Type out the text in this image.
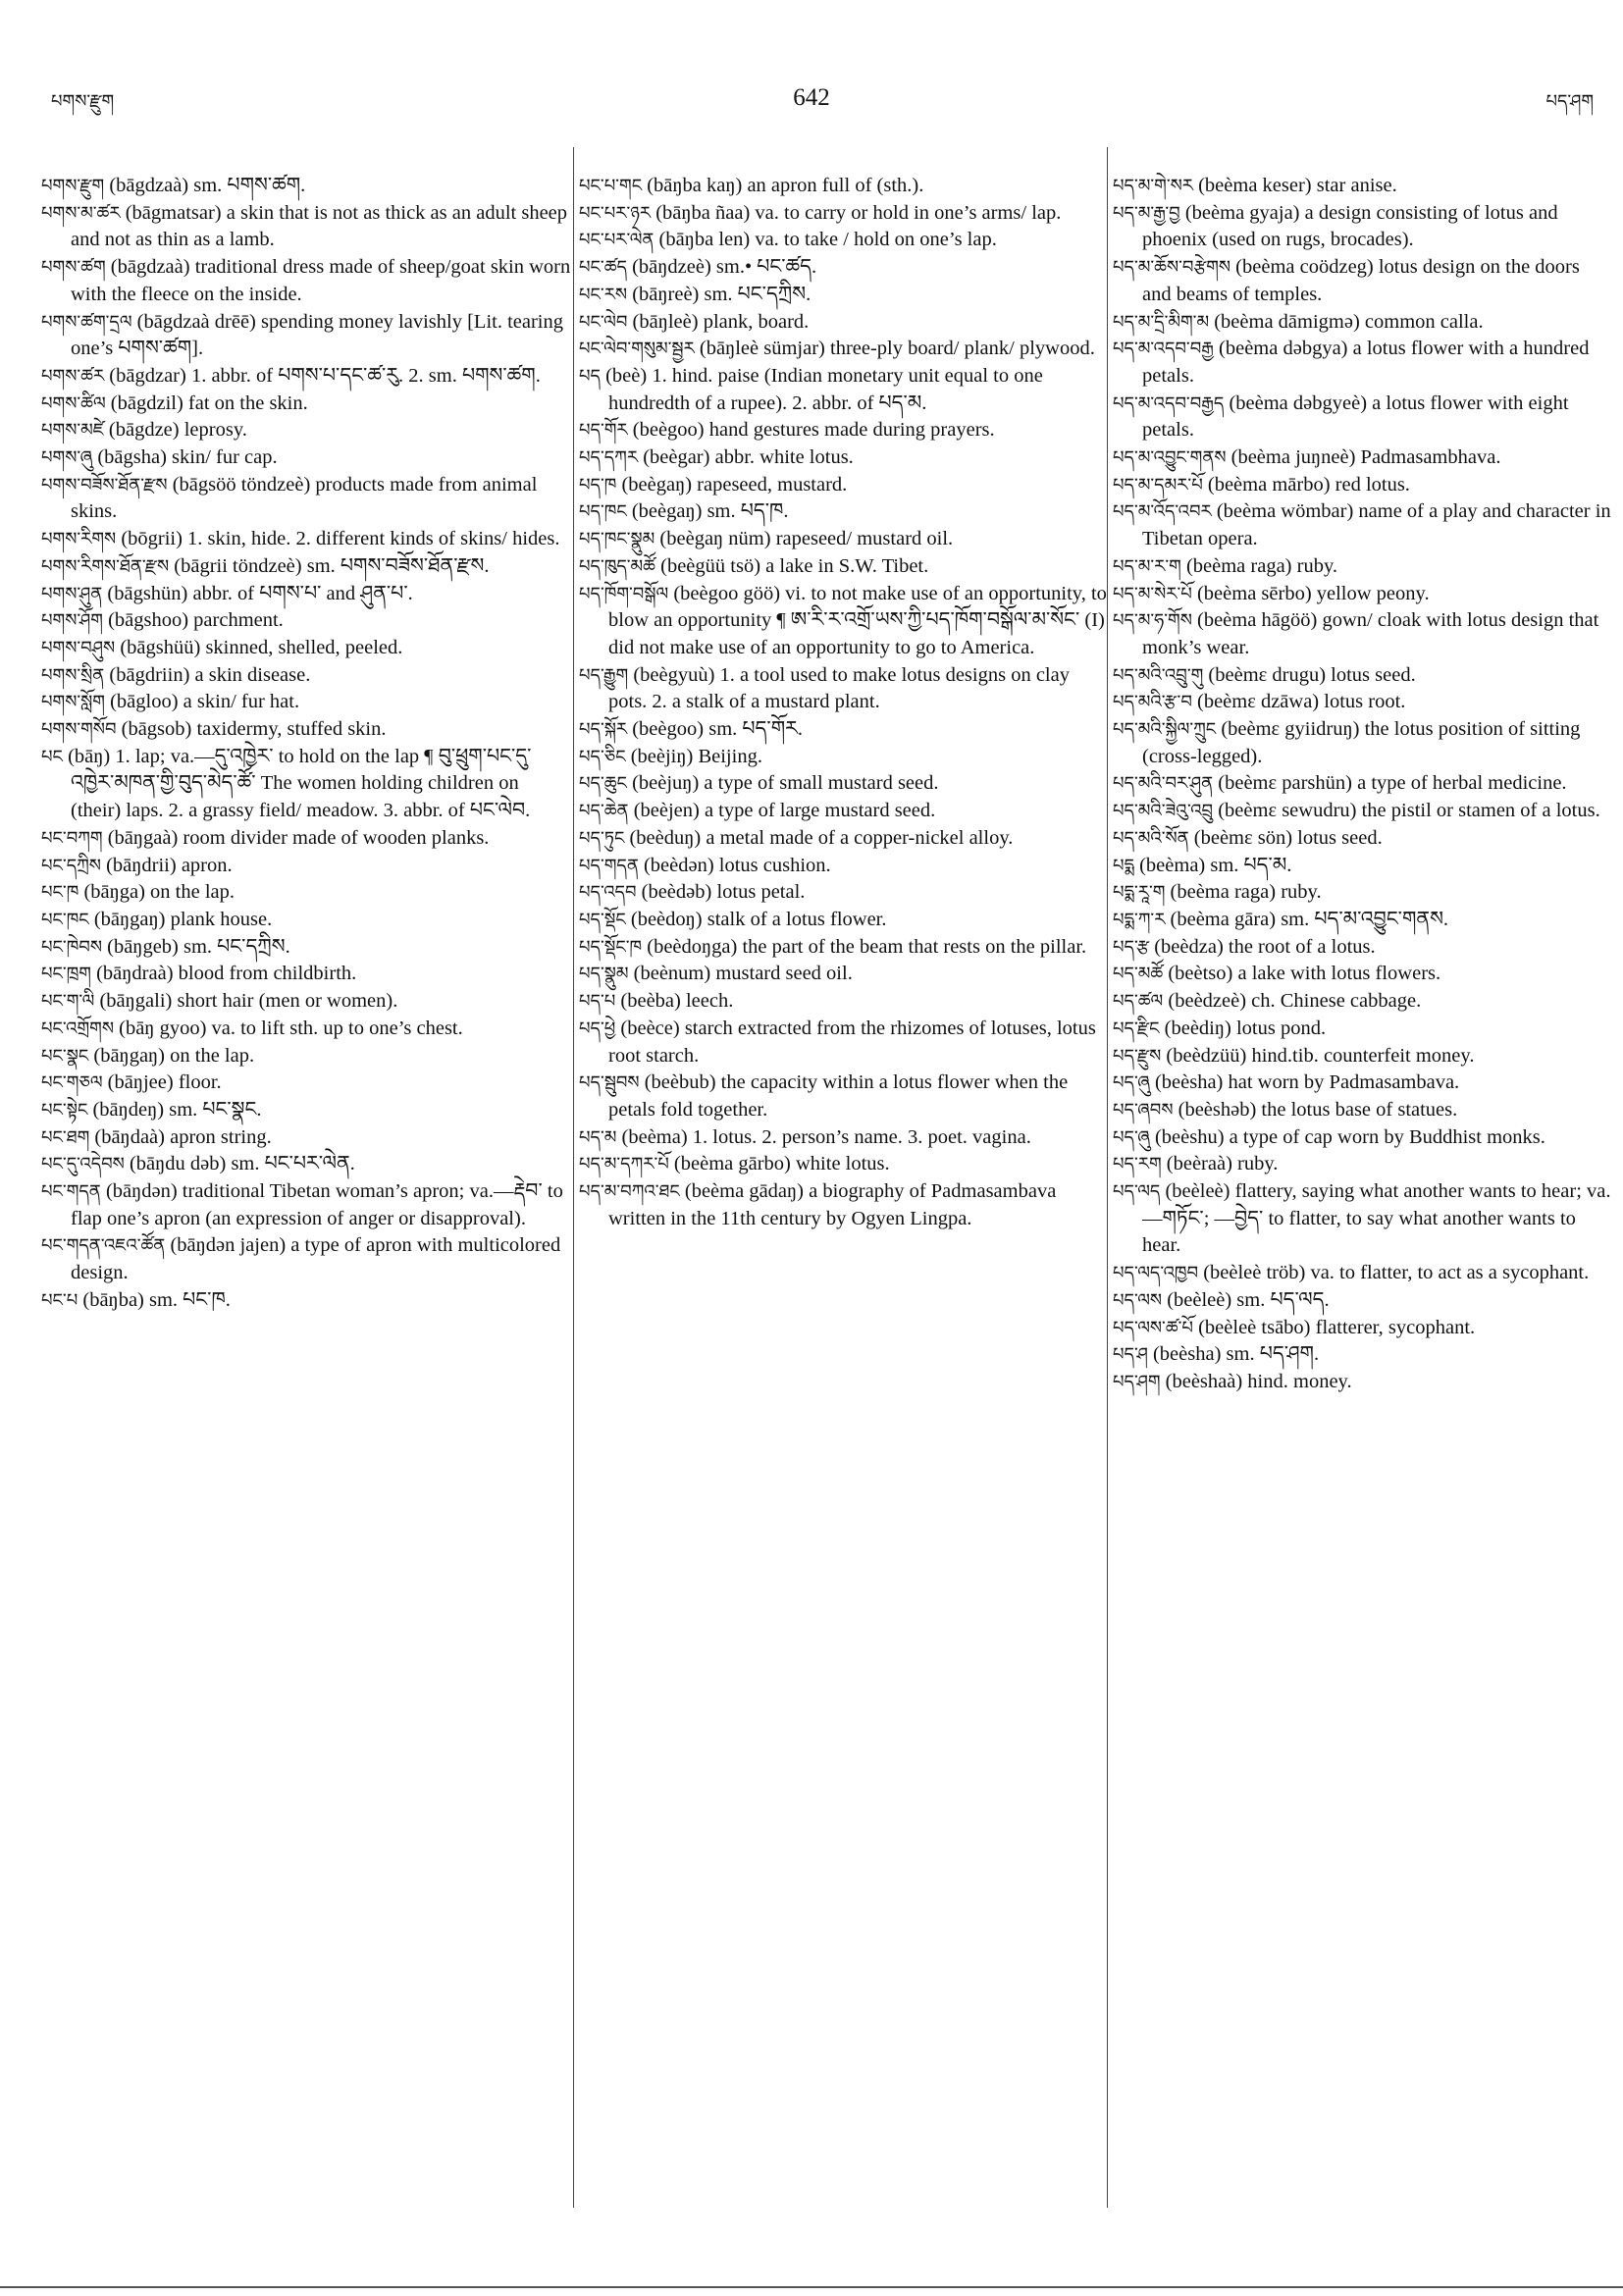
པགས་རྫུག	642	པད་ཤག

པགས་རྫུག (bāgdzaà) sm. པགས་ཚག.

པགས་མ་ཚར (bāgmatsar) a skin that is not as thick as an adult sheep and not as thin as a lamb.

པགས་ཚག (bāgdzaà) traditional dress made of sheep/goat skin worn with the fleece on the inside.

པགས་ཚག་དྲལ (bāgdzaà drēē) spending money lavishly [Lit. tearing one’s པགས་ཚག].

པགས་ཚར (bāgdzar) 1. abbr. of པགས་པ་དང་ཚ་རུ. 2. sm. པགས་ཚག.

པགས་ཚིལ (bāgdzil) fat on the skin.

པགས་མཛེ (bāgdze) leprosy.

པགས་ཞུ (bāgsha) skin/ fur cap.

པགས་བཟོས་ཐོན་རྫས (bāgsöö töndzeè) products made from animal skins.

པགས་རིགས (bōgrii) 1. skin, hide. 2. different kinds of skins/ hides.

པགས་རིགས་ཐོན་རྫས (bāgrii töndzeè) sm. པགས་བཟོས་ཐོན་རྫས.

པགས་ཤུན (bāgshün) abbr. of པགས་པ་ and ཤུན་པ་.

པགས་ཤོག (bāgshoo) parchment.

པགས་བཤུས (bāgshüü) skinned, shelled, peeled.

པགས་སྲིན (bāgdriin) a skin disease.

པགས་སློག (bāgloo) a skin/ fur hat.

པགས་གསོབ (bāgsob) taxidermy, stuffed skin.

པང (bāŋ) 1. lap; va.—དུ་འཁྱེར་ to hold on the lap ¶ བུ་ཕྲུག་པང་དུ་འཁྱེར་མཁན་གྱི་བུད་མེད་ཚོ་ The women holding children on (their) laps. 2. a grassy field/ meadow. 3. abbr. of པང་ལེབ.

པང་བཀག (bāŋgaà) room divider made of wooden planks.

པང་དཀྲིས (bāŋdrii) apron.

པང་ཁ (bāŋga) on the lap.

པང་ཁང (bāŋgaŋ) plank house.

པང་ཁེབས (bāŋgeb) sm. པང་དཀྲིས.

པང་ཁྲག (bāŋdraà) blood from childbirth.

པང་ག་ལི (bāŋgali) short hair (men or women).

པང་འགྲོགས (bāŋ gyoo) va. to lift sth. up to one’s chest.

པང་སྣང (bāŋgaŋ) on the lap.

པང་གཅལ (bāŋjee) floor.

པང་སྟེང (bāŋdeŋ) sm. པང་སྣང.

པང་ཐག (bāŋdaà) apron string.

པང་དུ་འདེབས (bāŋdu dəb) sm. པང་པར་ལེན.

པང་གདན (bāŋdən) traditional Tibetan woman’s apron; va.—རྡེབ་ to flap one’s apron (an expression of anger or disapproval).

པང་གདན་འཇའ་ཚོན (bāŋdən jajen) a type of apron with multicolored design.

པང་པ (bāŋba) sm. པང་ཁ.

པང་པ་གང (bāŋba kaŋ) an apron full of (sth.).

པང་པར་ཉར (bāŋba ñaa) va. to carry or hold in one’s arms/ lap.

པང་པར་ལེན (bāŋba len) va. to take / hold on one’s lap.

པང་ཚད (bāŋdzeè) sm.• པང་ཚད.

པང་རས (bāŋreè) sm. པང་དཀྲིས.

པང་ལེབ (bāŋleè) plank, board.

པང་ལེབ་གསུམ་སྦྱར (bāŋleè sümjar) three-ply board/ plank/ plywood.

པད (beè) 1. hind. paise (Indian monetary unit equal to one hundredth of a rupee). 2. abbr. of པད་མ.

པད་གོར (beègoo) hand gestures made during prayers.

པད་དཀར (beègar) abbr. white lotus.

པད་ཁ (beègaŋ) rapeseed, mustard.

པད་ཁང (beègaŋ) sm. པད་ཁ.

པད་ཁང་སྣུམ (beègaŋ nüm) rapeseed/ mustard oil.

པད་ཁུད་མཚོ (beègüü tsö) a lake in S.W. Tibet.

པད་ཁོག་བསྒོལ (beègoo göö) vi. to not make use of an opportunity, to blow an opportunity ¶ ཨ་རི་ར་འགྲོ་ཡས་ཀྱི་པད་ཁོག་བསྒོལ་མ་སོང་ (I) did not make use of an opportunity to go to America.

པད་རྒྱུག (beègyuù) 1. a tool used to make lotus designs on clay pots. 2. a stalk of a mustard plant.

པད་སྐོར (beègoo) sm. པད་གོར.

པད་ཅིང (beèjiŋ) Beijing.

པད་ཆུང (beèjuŋ) a type of small mustard seed.

པད་ཆེན (beèjen) a type of large mustard seed.

པད་ཏུང (beèduŋ) a metal made of a copper-nickel alloy.

པད་གདན (beèdən) lotus cushion.

པད་འདབ (beèdəb) lotus petal.

པད་སྡོང (beèdoŋ) stalk of a lotus flower.

པད་སྡོང་ཁ (beèdoŋga) the part of the beam that rests on the pillar.

པད་སྣུམ (beènum) mustard seed oil.

པད་པ (beèba) leech.

པད་ཕྱེ (beèce) starch extracted from the rhizomes of lotuses, lotus root starch.

པད་སྦུབས (beèbub) the capacity within a lotus flower when the petals fold together.

པད་མ (beèma) 1. lotus. 2. person’s name. 3. poet. vagina.

པད་མ་དཀར་པོ (beèma gārbo) white lotus.

པད་མ་བཀའ་ཐང (beèma gādaŋ) a biography of Padmasambava written in the 11th century by Ogyen Lingpa.

པད་མ་གེ་སར (beèma keser) star anise.

པད་མ་རྒྱ་བྱ (beèma gyaja) a design consisting of lotus and phoenix (used on rugs, brocades).

པད་མ་ཆོས་བརྩེགས (beèma coödzeg) lotus design on the doors and beams of temples.

པད་མ་དྲི་མིག་མ (beèma dāmigmə) common calla.

པད་མ་འདབ་བརྒྱ (beèma dəbgya) a lotus flower with a hundred petals.

པད་མ་འདབ་བརྒྱད (beèma dəbgyeè) a lotus flower with eight petals.

པད་མ་འབྱུང་གནས (beèma juŋneè) Padmasambhava.

པད་མ་དམར་པོ (beèma mārbo) red lotus.

པད་མ་འོད་འབར (beèma wömbar) name of a play and character in Tibetan opera.

པད་མ་ར་ག (beèma raga) ruby.

པད་མ་སེར་པོ (beèma sērbo) yellow peony.

པད་མ་ཧ་གོས (beèma hāgöö) gown/ cloak with lotus design that monk’s wear.

པད་མའི་འབྲུ་གུ (beèmɛ drugu) lotus seed.

པད་མའི་རྩ་བ (beèmɛ dzāwa) lotus root.

པད་མའི་སྐྱིལ་ཀྲུང (beèmɛ gyiidruŋ) the lotus position of sitting (cross-legged).

པད་མའི་བར་ཤུན (beèmɛ parshün) a type of herbal medicine.

པད་མའི་ཟེའུ་འབྲུ (beèmɛ sewudru) the pistil or stamen of a lotus.

པད་མའི་སོན (beèmɛ sön) lotus seed.

པདྨ (beèma) sm. པད་མ.

པདྨ་རཱ་ག (beèma raga) ruby.

པདྨ་ཀ་ར (beèma gāra) sm. པད་མ་འབྱུང་གནས.

པད་རྩ (beèdza) the root of a lotus.

པད་མཚོ (beètso) a lake with lotus flowers.

པད་ཚལ (beèdzeè) ch. Chinese cabbage.

པད་རྫིང (beèdiŋ) lotus pond.

པད་རྫུས (beèdzüü) hind.tib. counterfeit money.

པད་ཞུ (beèsha) hat worn by Padmasambava.

པད་ཞབས (beèshəb) the lotus base of statues.

པད་ཞུ (beèshu) a type of cap worn by Buddhist monks.

པད་རག (beèraà) ruby.

པད་ལད (beèleè) flattery, saying what another wants to hear; va.—གཏོང་; —བྱེད་ to flatter, to say what another wants to hear.

པད་ལད་འཁྱབ (beèleè tröb) va. to flatter, to act as a sycophant.

པད་ལས (beèleè) sm. པད་ལད.

པད་ལས་ཚ་པོ (beèleè tsābo) flatterer, sycophant.

པད་ཤ (beèsha) sm. པད་ཤག.

པད་ཤག (beèshaà) hind. money.
